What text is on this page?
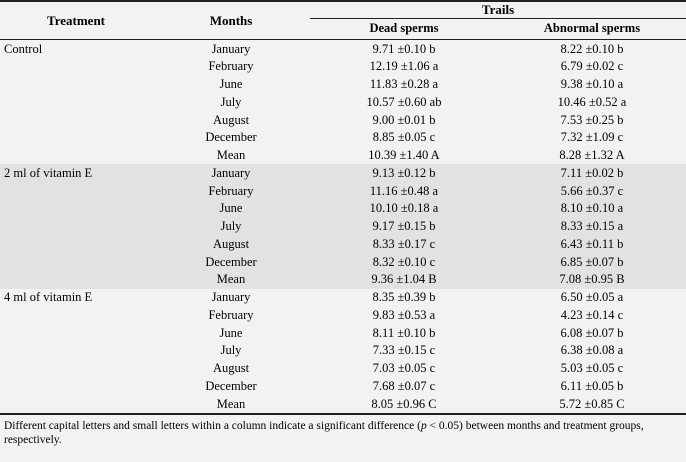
Treatment	Months	Trails	
		Dead sperms	Abnormal sperms

Control	January	9.71 ±0.10 b	8.22 ±0.10 b
	February	12.19 ±1.06 a	6.79 ±0.02 c
	June	11.83 ±0.28 a	9.38 ±0.10 a
	July	10.57 ±0.60 ab	10.46 ±0.52 a
	August	9.00 ±0.01 b	7.53 ±0.25 b
	December	8.85 ±0.05 c	7.32 ±1.09 c
	Mean	10.39 ±1.40 A	8.28 ±1.32 A
2 ml of vitamin E	January	9.13 ±0.12 b	7.11 ±0.02 b
	February	11.16 ±0.48 a	5.66 ±0.37 c
	June	10.10 ±0.18 a	8.10 ±0.10 a
	July	9.17 ±0.15 b	8.33 ±0.15 a
	August	8.33 ±0.17 c	6.43 ±0.11 b
	December	8.32 ±0.10 c	6.85 ±0.07 b
	Mean	9.36 ±1.04 B	7.08 ±0.95 B
4 ml of vitamin E	January	8.35 ±0.39 b	6.50 ±0.05 a
	February	9.83 ±0.53 a	4.23 ±0.14 c
	June	8.11 ±0.10 b	6.08 ±0.07 b
	July	7.33 ±0.15 c	6.38 ±0.08 a
	August	7.03 ±0.05 c	5.03 ±0.05 c
	December	7.68 ±0.07 c	6.11 ±0.05 b
	Mean	8.05 ±0.96 C	5.72 ±0.85 C
Different capital letters and small letters within a column indicate a significant difference (p < 0.05) between months and treatment groups, respectively.
